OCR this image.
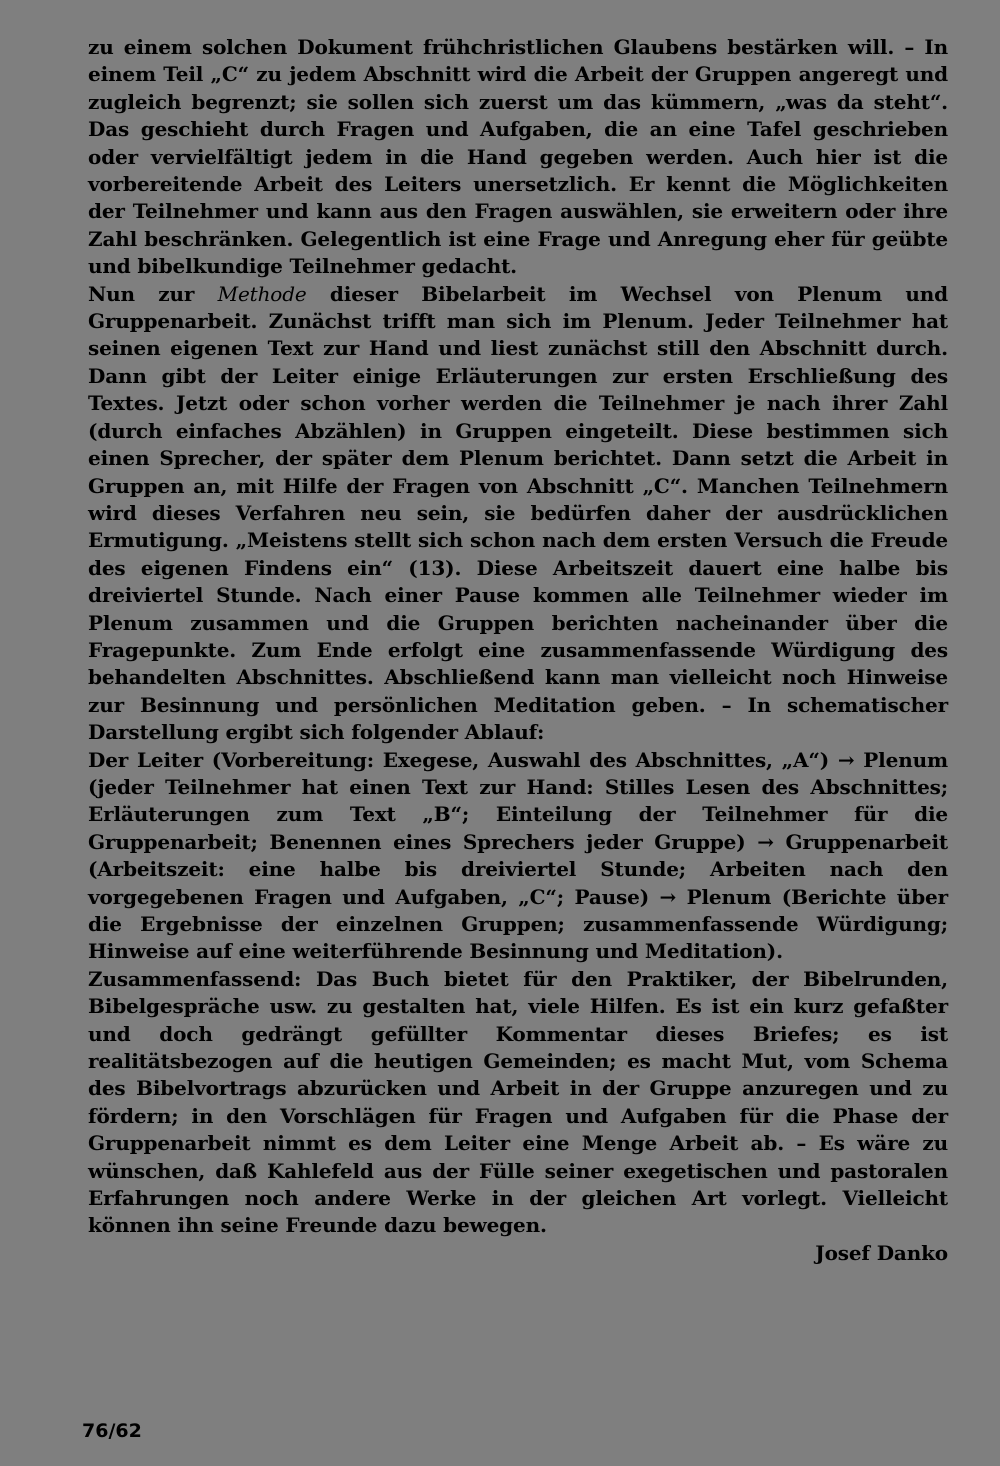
zu einem solchen Dokument frühchristlichen Glaubens bestärken will. – In einem Teil „C“ zu jedem Abschnitt wird die Arbeit der Gruppen angeregt und zugleich begrenzt; sie sollen sich zuerst um das kümmern, „was da steht“. Das geschieht durch Fragen und Aufgaben, die an eine Tafel geschrieben oder vervielfältigt jedem in die Hand gegeben werden. Auch hier ist die vorbereitende Arbeit des Leiters unersetzlich. Er kennt die Möglichkeiten der Teilnehmer und kann aus den Fragen auswählen, sie erweitern oder ihre Zahl beschränken. Gelegentlich ist eine Frage und Anregung eher für geübte und bibelkundige Teilnehmer gedacht.

Nun zur Methode dieser Bibelarbeit im Wechsel von Plenum und Gruppenarbeit. Zunächst trifft man sich im Plenum. Jeder Teilnehmer hat seinen eigenen Text zur Hand und liest zunächst still den Abschnitt durch. Dann gibt der Leiter einige Erläuterungen zur ersten Erschließung des Textes. Jetzt oder schon vorher werden die Teilnehmer je nach ihrer Zahl (durch einfaches Abzählen) in Gruppen eingeteilt. Diese bestimmen sich einen Sprecher, der später dem Plenum berichtet. Dann setzt die Arbeit in Gruppen an, mit Hilfe der Fragen von Abschnitt „C“. Manchen Teilnehmern wird dieses Verfahren neu sein, sie bedürfen daher der ausdrücklichen Ermutigung. „Meistens stellt sich schon nach dem ersten Versuch die Freude des eigenen Findens ein“ (13). Diese Arbeitszeit dauert eine halbe bis dreiviertel Stunde. Nach einer Pause kommen alle Teilnehmer wieder im Plenum zusammen und die Gruppen berichten nacheinander über die Fragepunkte. Zum Ende erfolgt eine zusammenfassende Würdigung des behandelten Abschnittes. Abschließend kann man vielleicht noch Hinweise zur Besinnung und persönlichen Meditation geben. – In schematischer Darstellung ergibt sich folgender Ablauf:

Der Leiter (Vorbereitung: Exegese, Auswahl des Abschnittes, „A“) → Plenum (jeder Teilnehmer hat einen Text zur Hand: Stilles Lesen des Abschnittes; Erläuterungen zum Text „B“; Einteilung der Teilnehmer für die Gruppenarbeit; Benennen eines Sprechers jeder Gruppe) → Gruppenarbeit (Arbeitszeit: eine halbe bis dreiviertel Stunde; Arbeiten nach den vorgegebenen Fragen und Aufgaben, „C“; Pause) → Plenum (Berichte über die Ergebnisse der einzelnen Gruppen; zusammenfassende Würdigung; Hinweise auf eine weiterführende Besinnung und Meditation).

Zusammenfassend: Das Buch bietet für den Praktiker, der Bibelrunden, Bibelgespräche usw. zu gestalten hat, viele Hilfen. Es ist ein kurz gefaßter und doch gedrängt gefüllter Kommentar dieses Briefes; es ist realitätsbezogen auf die heutigen Gemeinden; es macht Mut, vom Schema des Bibelvortrags abzurücken und Arbeit in der Gruppe anzuregen und zu fördern; in den Vorschlägen für Fragen und Aufgaben für die Phase der Gruppenarbeit nimmt es dem Leiter eine Menge Arbeit ab. – Es wäre zu wünschen, daß Kahlefeld aus der Fülle seiner exegetischen und pastoralen Erfahrungen noch andere Werke in der gleichen Art vorlegt. Vielleicht können ihn seine Freunde dazu bewegen.

Josef Danko

76/62
